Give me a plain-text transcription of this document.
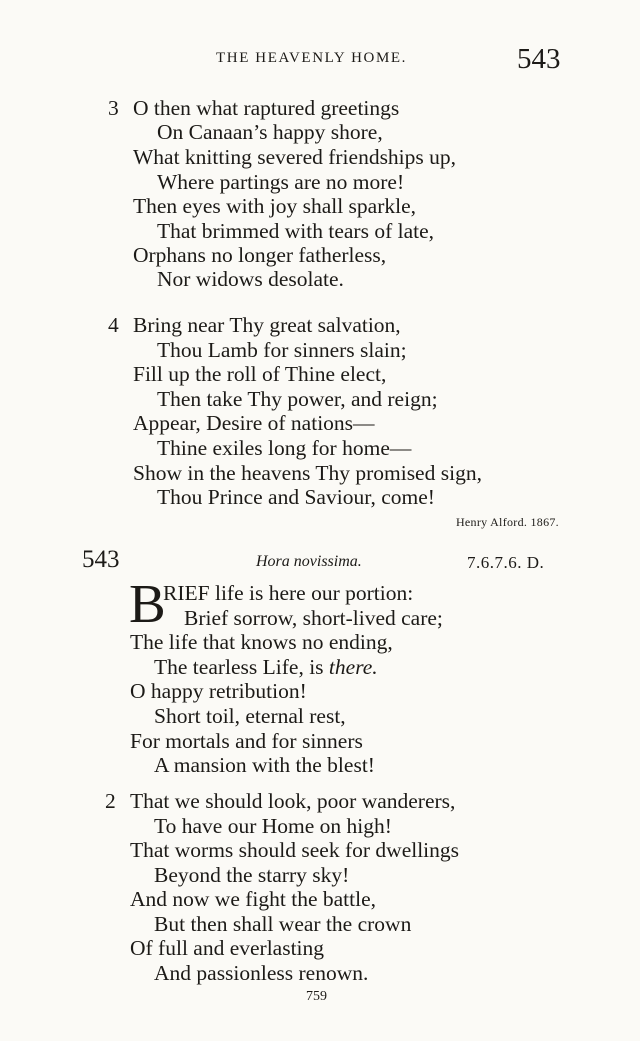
THE HEAVENLY HOME.	543
3 O then what raptured greetings
On Canaan’s happy shore,
What knitting severed friendships up,
Where partings are no more!
Then eyes with joy shall sparkle,
That brimmed with tears of late,
Orphans no longer fatherless,
Nor widows desolate.
4 Bring near Thy great salvation,
Thou Lamb for sinners slain;
Fill up the roll of Thine elect,
Then take Thy power, and reign;
Appear, Desire of nations—
Thine exiles long for home—
Show in the heavens Thy promised sign,
Thou Prince and Saviour, come!
Henry Alford. 1867.
543	Hora novissima.	7.6.7.6. D.
B
RIEF life is here our portion:
Brief sorrow, short-lived care;
The life that knows no ending,
The tearless Life, is there.
O happy retribution!
Short toil, eternal rest,
For mortals and for sinners
A mansion with the blest!
2 That we should look, poor wanderers,
To have our Home on high!
That worms should seek for dwellings
Beyond the starry sky!
And now we fight the battle,
But then shall wear the crown
Of full and everlasting
And passionless renown.
759
